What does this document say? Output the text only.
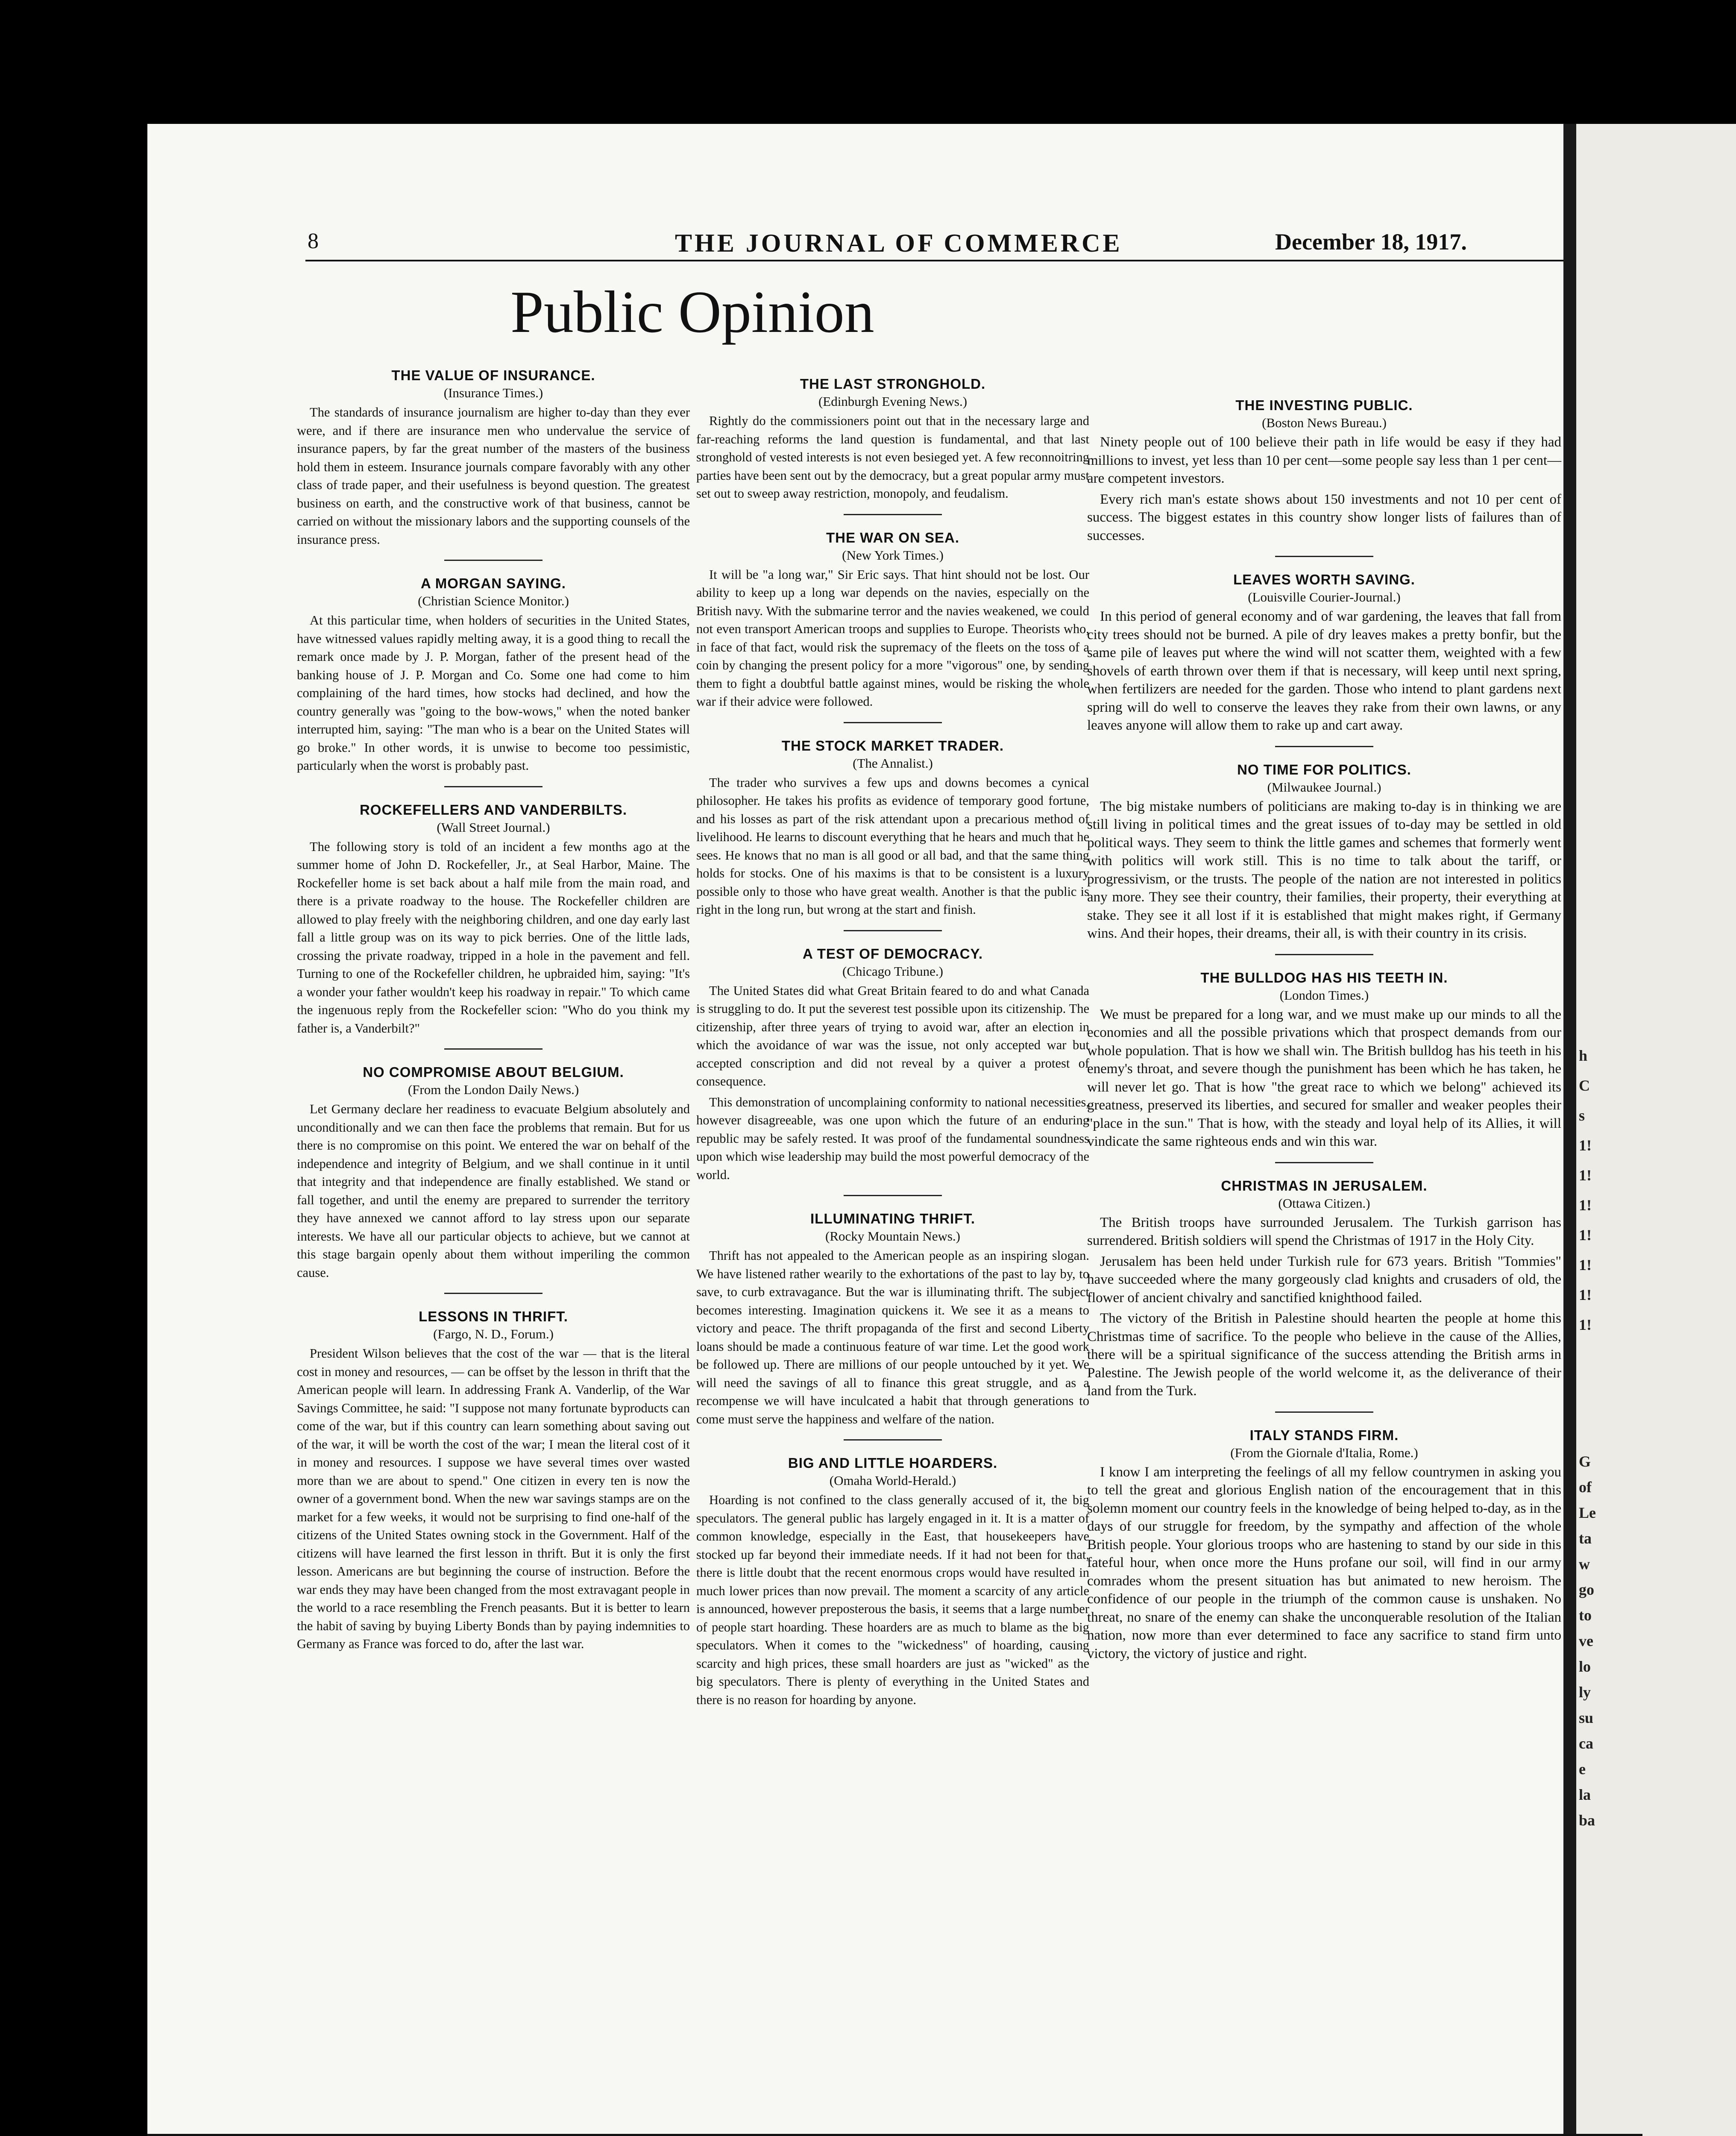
8	THE JOURNAL OF COMMERCE	December 18, 1917.
Public Opinion
THE VALUE OF INSURANCE.
(Insurance Times.)

The standards of insurance journalism are higher to-day than they ever were, and if there are insurance men who undervalue the service of insurance papers, by far the great number of the masters of the business hold them in esteem. Insurance journals compare favorably with any other class of trade paper, and their usefulness is beyond question. The greatest business on earth, and the constructive work of that business, cannot be carried on without the missionary labors and the supporting counsels of the insurance press.

A MORGAN SAYING.
(Christian Science Monitor.)

At this particular time, when holders of securities in the United States, have witnessed values rapidly melting away, it is a good thing to recall the remark once made by J. P. Morgan, father of the present head of the banking house of J. P. Morgan and Co. Some one had come to him complaining of the hard times, how stocks had declined, and how the country generally was "going to the bow-wows," when the noted banker interrupted him, saying: "The man who is a bear on the United States will go broke." In other words, it is unwise to become too pessimistic, particularly when the worst is probably past.

ROCKEFELLERS AND VANDERBILTS.
(Wall Street Journal.)

The following story is told of an incident a few months ago at the summer home of John D. Rockefeller, Jr., at Seal Harbor, Maine. The Rockefeller home is set back about a half mile from the main road, and there is a private roadway to the house. The Rockefeller children are allowed to play freely with the neighboring children, and one day early last fall a little group was on its way to pick berries. One of the little lads, crossing the private roadway, tripped in a hole in the pavement and fell. Turning to one of the Rockefeller children, he upbraided him, saying: "It's a wonder your father wouldn't keep his roadway in repair." To which came the ingenuous reply from the Rockefeller scion: "Who do you think my father is, a Vanderbilt?"

NO COMPROMISE ABOUT BELGIUM.
(From the London Daily News.)

Let Germany declare her readiness to evacuate Belgium absolutely and unconditionally and we can then face the problems that remain. But for us there is no compromise on this point. We entered the war on behalf of the independence and integrity of Belgium, and we shall continue in it until that integrity and that independence are finally established. We stand or fall together, and until the enemy are prepared to surrender the territory they have annexed we cannot afford to lay stress upon our separate interests. We have all our particular objects to achieve, but we cannot at this stage bargain openly about them without imperiling the common cause.

LESSONS IN THRIFT.
(Fargo, N. D., Forum.)

President Wilson believes that the cost of the war — that is the literal cost in money and resources, — can be offset by the lesson in thrift that the American people will learn. In addressing Frank A. Vanderlip, of the War Savings Committee, he said: "I suppose not many fortunate byproducts can come of the war, but if this country can learn something about saving out of the war, it will be worth the cost of the war; I mean the literal cost of it in money and resources. I suppose we have several times over wasted more than we are about to spend." One citizen in every ten is now the owner of a government bond. When the new war savings stamps are on the market for a few weeks, it would not be surprising to find one-half of the citizens of the United States owning stock in the Government. Half of the citizens will have learned the first lesson in thrift. But it is only the first lesson. Americans are but beginning the course of instruction. Before the war ends they may have been changed from the most extravagant people in the world to a race resembling the French peasants. But it is better to learn the habit of saving by buying Liberty Bonds than by paying indemnities to Germany as France was forced to do, after the last war.

THE LAST STRONGHOLD.
(Edinburgh Evening News.)

Rightly do the commissioners point out that in the necessary large and far-reaching reforms the land question is fundamental, and that last stronghold of vested interests is not even besieged yet. A few reconnoitring parties have been sent out by the democracy, but a great popular army must set out to sweep away restriction, monopoly, and feudalism.

THE WAR ON SEA.
(New York Times.)

It will be "a long war," Sir Eric says. That hint should not be lost. Our ability to keep up a long war depends on the navies, especially on the British navy. With the submarine terror and the navies weakened, we could not even transport American troops and supplies to Europe. Theorists who, in face of that fact, would risk the supremacy of the fleets on the toss of a coin by changing the present policy for a more "vigorous" one, by sending them to fight a doubtful battle against mines, would be risking the whole war if their advice were followed.

THE STOCK MARKET TRADER.
(The Annalist.)

The trader who survives a few ups and downs becomes a cynical philosopher. He takes his profits as evidence of temporary good fortune, and his losses as part of the risk attendant upon a precarious method of livelihood. He learns to discount everything that he hears and much that he sees. He knows that no man is all good or all bad, and that the same thing holds for stocks. One of his maxims is that to be consistent is a luxury possible only to those who have great wealth. Another is that the public is right in the long run, but wrong at the start and finish.

A TEST OF DEMOCRACY.
(Chicago Tribune.)

The United States did what Great Britain feared to do and what Canada is struggling to do. It put the severest test possible upon its citizenship. The citizenship, after three years of trying to avoid war, after an election in which the avoidance of war was the issue, not only accepted war but accepted conscription and did not reveal by a quiver a protest of consequence.

This demonstration of uncomplaining conformity to national necessities, however disagreeable, was one upon which the future of an enduring republic may be safely rested. It was proof of the fundamental soundness upon which wise leadership may build the most powerful democracy of the world.

ILLUMINATING THRIFT.
(Rocky Mountain News.)

Thrift has not appealed to the American people as an inspiring slogan. We have listened rather wearily to the exhortations of the past to lay by, to save, to curb extravagance. But the war is illuminating thrift. The subject becomes interesting. Imagination quickens it. We see it as a means to victory and peace. The thrift propaganda of the first and second Liberty loans should be made a continuous feature of war time. Let the good work be followed up. There are millions of our people untouched by it yet. We will need the savings of all to finance this great struggle, and as a recompense we will have inculcated a habit that through generations to come must serve the happiness and welfare of the nation.

BIG AND LITTLE HOARDERS.
(Omaha World-Herald.)

Hoarding is not confined to the class generally accused of it, the big speculators. The general public has largely engaged in it. It is a matter of common knowledge, especially in the East, that housekeepers have stocked up far beyond their immediate needs. If it had not been for that, there is little doubt that the recent enormous crops would have resulted in much lower prices than now prevail. The moment a scarcity of any article is announced, however preposterous the basis, it seems that a large number of people start hoarding. These hoarders are as much to blame as the big speculators. When it comes to the "wickedness" of hoarding, causing scarcity and high prices, these small hoarders are just as "wicked" as the big speculators. There is plenty of everything in the United States and there is no reason for hoarding by anyone.

THE INVESTING PUBLIC.
(Boston News Bureau.)

Ninety people out of 100 believe their path in life would be easy if they had millions to invest, yet less than 10 per cent—some people say less than 1 per cent—are competent investors.

Every rich man's estate shows about 150 investments and not 10 per cent of success. The biggest estates in this country show longer lists of failures than of successes.

LEAVES WORTH SAVING.
(Louisville Courier-Journal.)

In this period of general economy and of war gardening, the leaves that fall from city trees should not be burned. A pile of dry leaves makes a pretty bonfir, but the same pile of leaves put where the wind will not scatter them, weighted with a few shovels of earth thrown over them if that is necessary, will keep until next spring, when fertilizers are needed for the garden. Those who intend to plant gardens next spring will do well to conserve the leaves they rake from their own lawns, or any leaves anyone will allow them to rake up and cart away.

NO TIME FOR POLITICS.
(Milwaukee Journal.)

The big mistake numbers of politicians are making to-day is in thinking we are still living in political times and the great issues of to-day may be settled in old political ways. They seem to think the little games and schemes that formerly went with politics will work still. This is no time to talk about the tariff, or progressivism, or the trusts. The people of the nation are not interested in politics any more. They see their country, their families, their property, their everything at stake. They see it all lost if it is established that might makes right, if Germany wins. And their hopes, their dreams, their all, is with their country in its crisis.

THE BULLDOG HAS HIS TEETH IN.
(London Times.)

We must be prepared for a long war, and we must make up our minds to all the economies and all the possible privations which that prospect demands from our whole population. That is how we shall win. The British bulldog has his teeth in his enemy's throat, and severe though the punishment has been which he has taken, he will never let go. That is how "the great race to which we belong" achieved its greatness, preserved its liberties, and secured for smaller and weaker peoples their "place in the sun." That is how, with the steady and loyal help of its Allies, it will vindicate the same righteous ends and win this war.

CHRISTMAS IN JERUSALEM.
(Ottawa Citizen.)

The British troops have surrounded Jerusalem. The Turkish garrison has surrendered. British soldiers will spend the Christmas of 1917 in the Holy City.

Jerusalem has been held under Turkish rule for 673 years. British "Tommies" have succeeded where the many gorgeously clad knights and crusaders of old, the flower of ancient chivalry and sanctified knighthood failed.

The victory of the British in Palestine should hearten the people at home this Christmas time of sacrifice. To the people who believe in the cause of the Allies, there will be a spiritual significance of the success attending the British arms in Palestine. The Jewish people of the world welcome it, as the deliverance of their land from the Turk.

ITALY STANDS FIRM.
(From the Giornale d'Italia, Rome.)

I know I am interpreting the feelings of all my fellow countrymen in asking you to tell the great and glorious English nation of the encouragement that in this solemn moment our country feels in the knowledge of being helped to-day, as in the days of our struggle for freedom, by the sympathy and affection of the whole British people. Your glorious troops who are hastening to stand by our side in this fateful hour, when once more the Huns profane our soil, will find in our army comrades whom the present situation has but animated to new heroism. The confidence of our people in the triumph of the common cause is unshaken. No threat, no snare of the enemy can shake the unconquerable resolution of the Italian nation, now more than ever determined to face any sacrifice to stand firm unto victory, the victory of justice and right.

h
C
s
1!
1!
1!
1!
1!
1!
1!
G
of
Le
ta
w
go
to
ve
lo
ly
su
ca
e
la
ba
